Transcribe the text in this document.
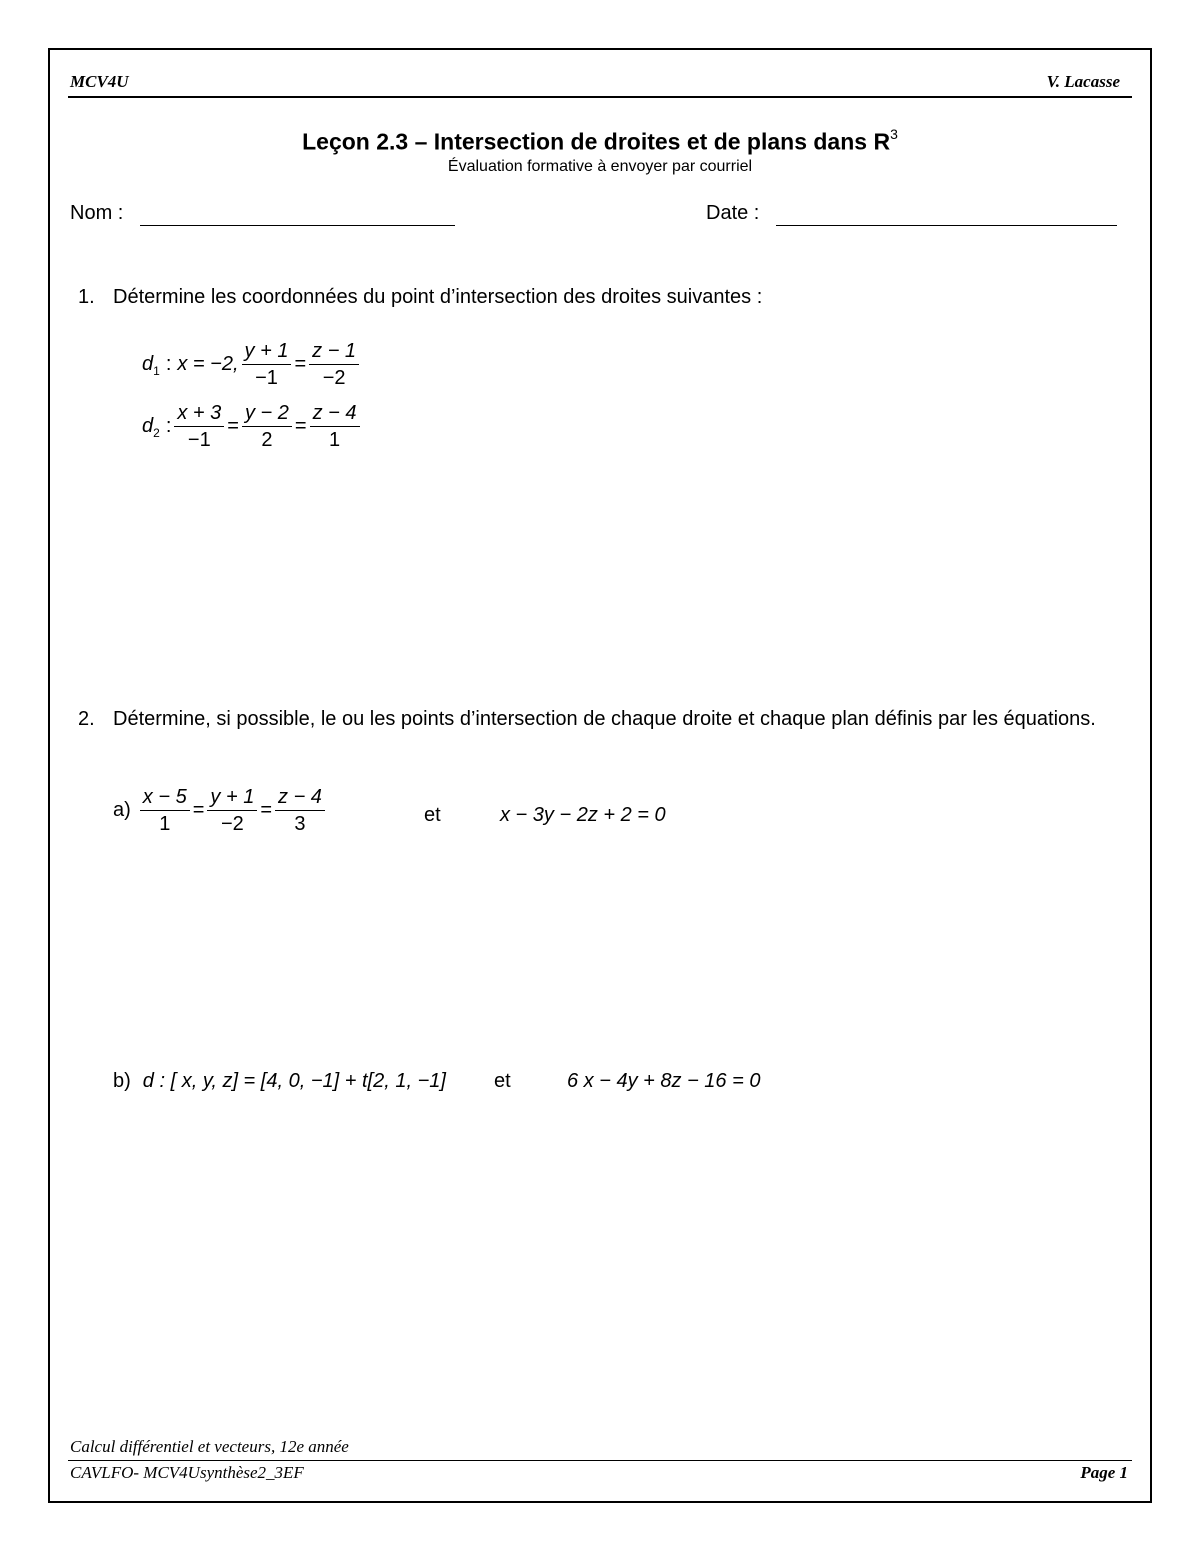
MCV4U	V. Lacasse
Leçon 2.3 – Intersection de droites et de plans dans $R^3$
Évaluation formative à envoyer par courriel
Nom :	Date :
1. Détermine les coordonnées du point d’intersection des droites suivantes :
d 1 : x = −2, $\frac{y + 1}{-1} = \frac{z - 1}{-2}$
d 2 : $\frac{x + 3}{-1} = \frac{y - 2}{2} = \frac{z - 4}{1}$
2. Détermine, si possible, le ou les points d’intersection de chaque droite et chaque plan définis par les équations.
$a) \frac{x - 5}{1} = \frac{y + 1}{-2} = \frac{z - 4}{3}$	et	x − 3y − 2z + 2 = 0
b) d : [ x, y, z] = [4, 0, −1] + t[2, 1, −1] et	6 x − 4y + 8z − 16 = 0
Calcul différentiel et vecteurs, 12e année
CAVLFO- MCV4Usynthèse2_3EF	Page 1
